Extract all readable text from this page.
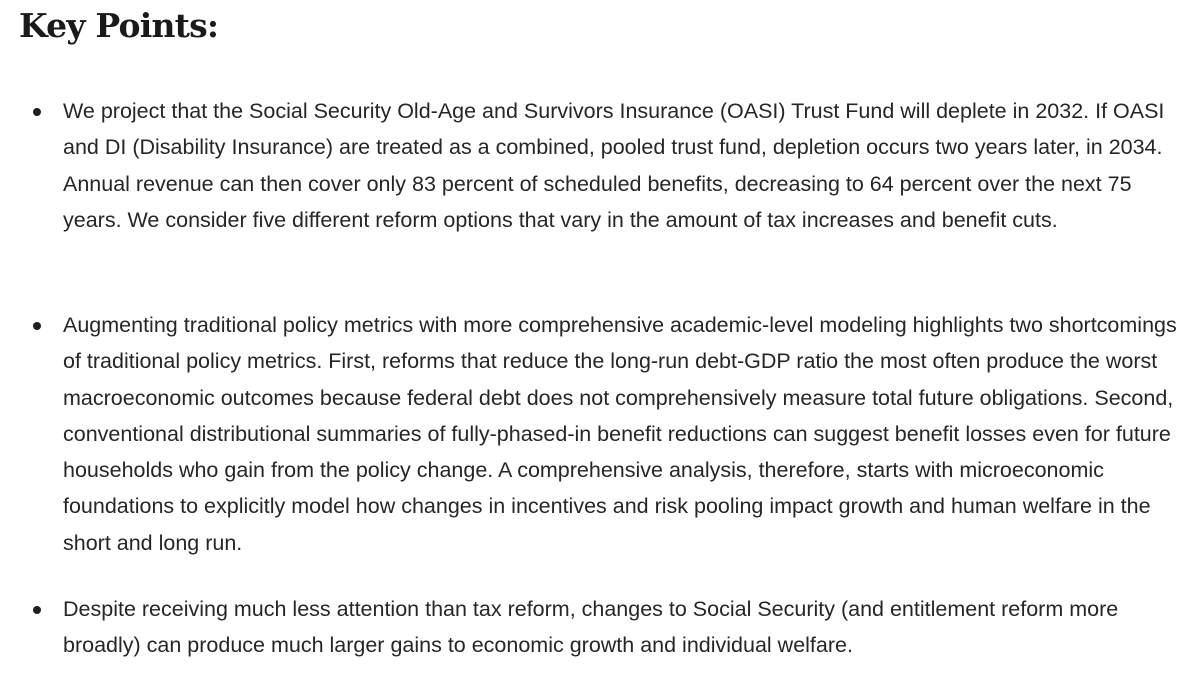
Key Points:

We project that the Social Security Old-Age and Survivors Insurance (OASI) Trust Fund will deplete in 2032. If OASI and DI (Disability Insurance) are treated as a combined, pooled trust fund, depletion occurs two years later, in 2034. Annual revenue can then cover only 83 percent of scheduled benefits, decreasing to 64 percent over the next 75 years. We consider five different reform options that vary in the amount of tax increases and benefit cuts.

Augmenting traditional policy metrics with more comprehensive academic-level modeling highlights two shortcomings of traditional policy metrics. First, reforms that reduce the long-run debt-GDP ratio the most often produce the worst macroeconomic outcomes because federal debt does not comprehensively measure total future obligations. Second, conventional distributional summaries of fully-phased-in benefit reductions can suggest benefit losses even for future households who gain from the policy change. A comprehensive analysis, therefore, starts with microeconomic foundations to explicitly model how changes in incentives and risk pooling impact growth and human welfare in the short and long run.

Despite receiving much less attention than tax reform, changes to Social Security (and entitlement reform more broadly) can produce much larger gains to economic growth and individual welfare.
